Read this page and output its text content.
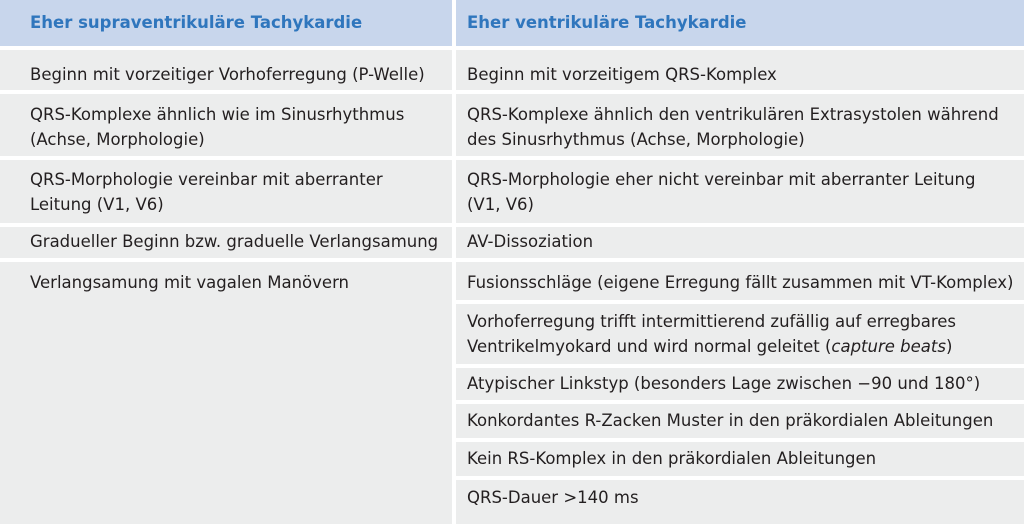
Eher supraventrikuläre Tachykardie	Eher ventrikuläre Tachykardie
Beginn mit vorzeitiger Vorhoferregung (P-Welle)
QRS-Komplexe ähnlich wie im Sinusrhythmus
(Achse, Morphologie)
QRS-Morphologie vereinbar mit aberranter
Leitung (V1, V6)
Gradueller Beginn bzw. graduelle Verlangsamung
Verlangsamung mit vagalen Manövern
Beginn mit vorzeitigem QRS-Komplex
QRS-Komplexe ähnlich den ventrikulären Extrasystolen während
des Sinusrhythmus (Achse, Morphologie)
QRS-Morphologie eher nicht vereinbar mit aberranter Leitung
(V1, V6)
AV-Dissoziation
Fusionsschläge (eigene Erregung fällt zusammen mit VT-Komplex)
Vorhoferregung trifft intermittierend zufällig auf erregbares
Ventrikelmyokard und wird normal geleitet (capture beats)
Atypischer Linkstyp (besonders Lage zwischen −90 und 180°)
Konkordantes R-Zacken Muster in den präkordialen Ableitungen
Kein RS-Komplex in den präkordialen Ableitungen
QRS-Dauer >140 ms
